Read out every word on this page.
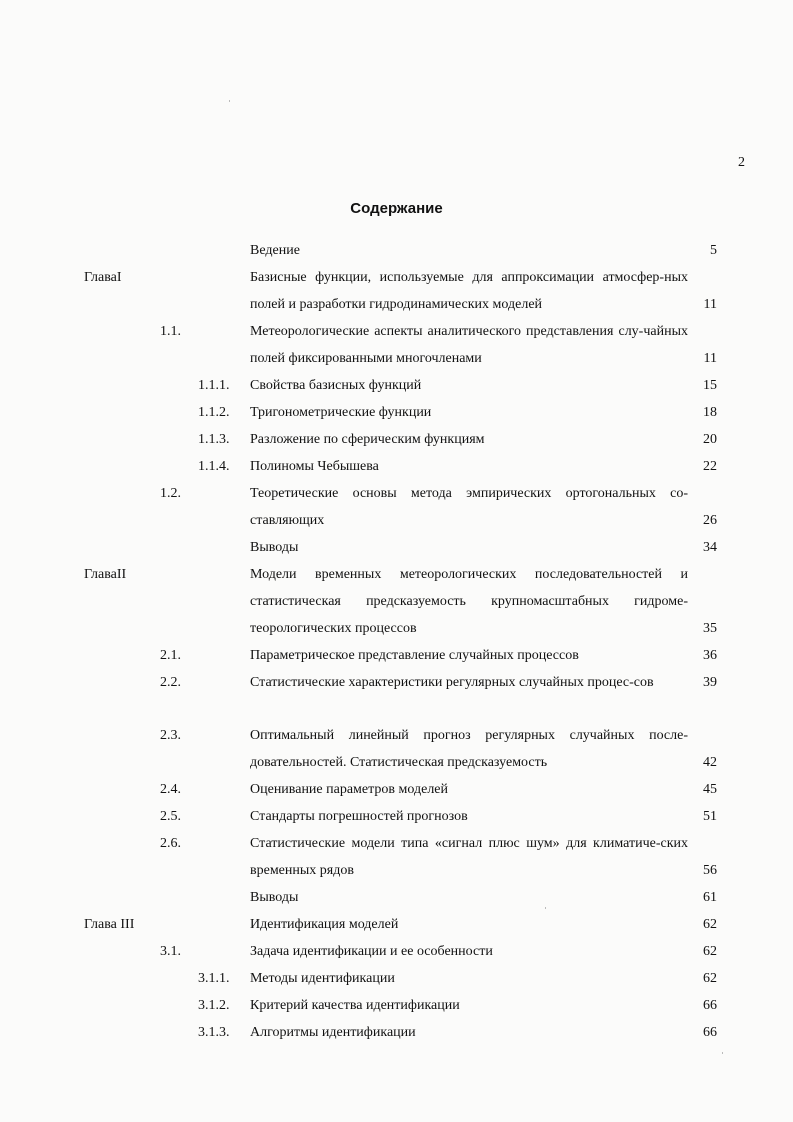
2
Содержание
Ведение	5
ГлаваI	Базисные функции, используемые для аппроксимации атмосфер-ных полей и разработки гидродинамических моделей	11
1.1.	Метеорологические аспекты аналитического представления слу-чайных полей фиксированными многочленами	11
1.1.1. Свойства базисных функций	15
1.1.2. Тригонометрические функции	18
1.1.3. Разложение по сферическим функциям	20
1.1.4. Полиномы Чебышева	22
1.2.	Теоретические основы метода эмпирических ортогональных со-ставляющих	26
Выводы	34
ГлаваII	Модели временных метеорологических последовательностей и статистическая предсказуемость крупномасштабных гидроме-теорологических процессов	35
2.1.	Параметрическое представление случайных процессов	36
2.2.	Статистические характеристики регулярных случайных процес-сов	39
2.3.	Оптимальный линейный прогноз регулярных случайных после-довательностей. Статистическая предсказуемость	42
2.4.	Оценивание параметров моделей	45
2.5.	Стандарты погрешностей прогнозов	51
2.6.	Статистические модели типа «сигнал плюс шум» для климатиче-ских временных рядов	56
Выводы	61
Глава III	Идентификация моделей	62
3.1.	Задача идентификации и ее особенности	62
3.1.1. Методы идентификации	62
3.1.2. Критерий качества идентификации	66
3.1.3. Алгоритмы идентификации	66
